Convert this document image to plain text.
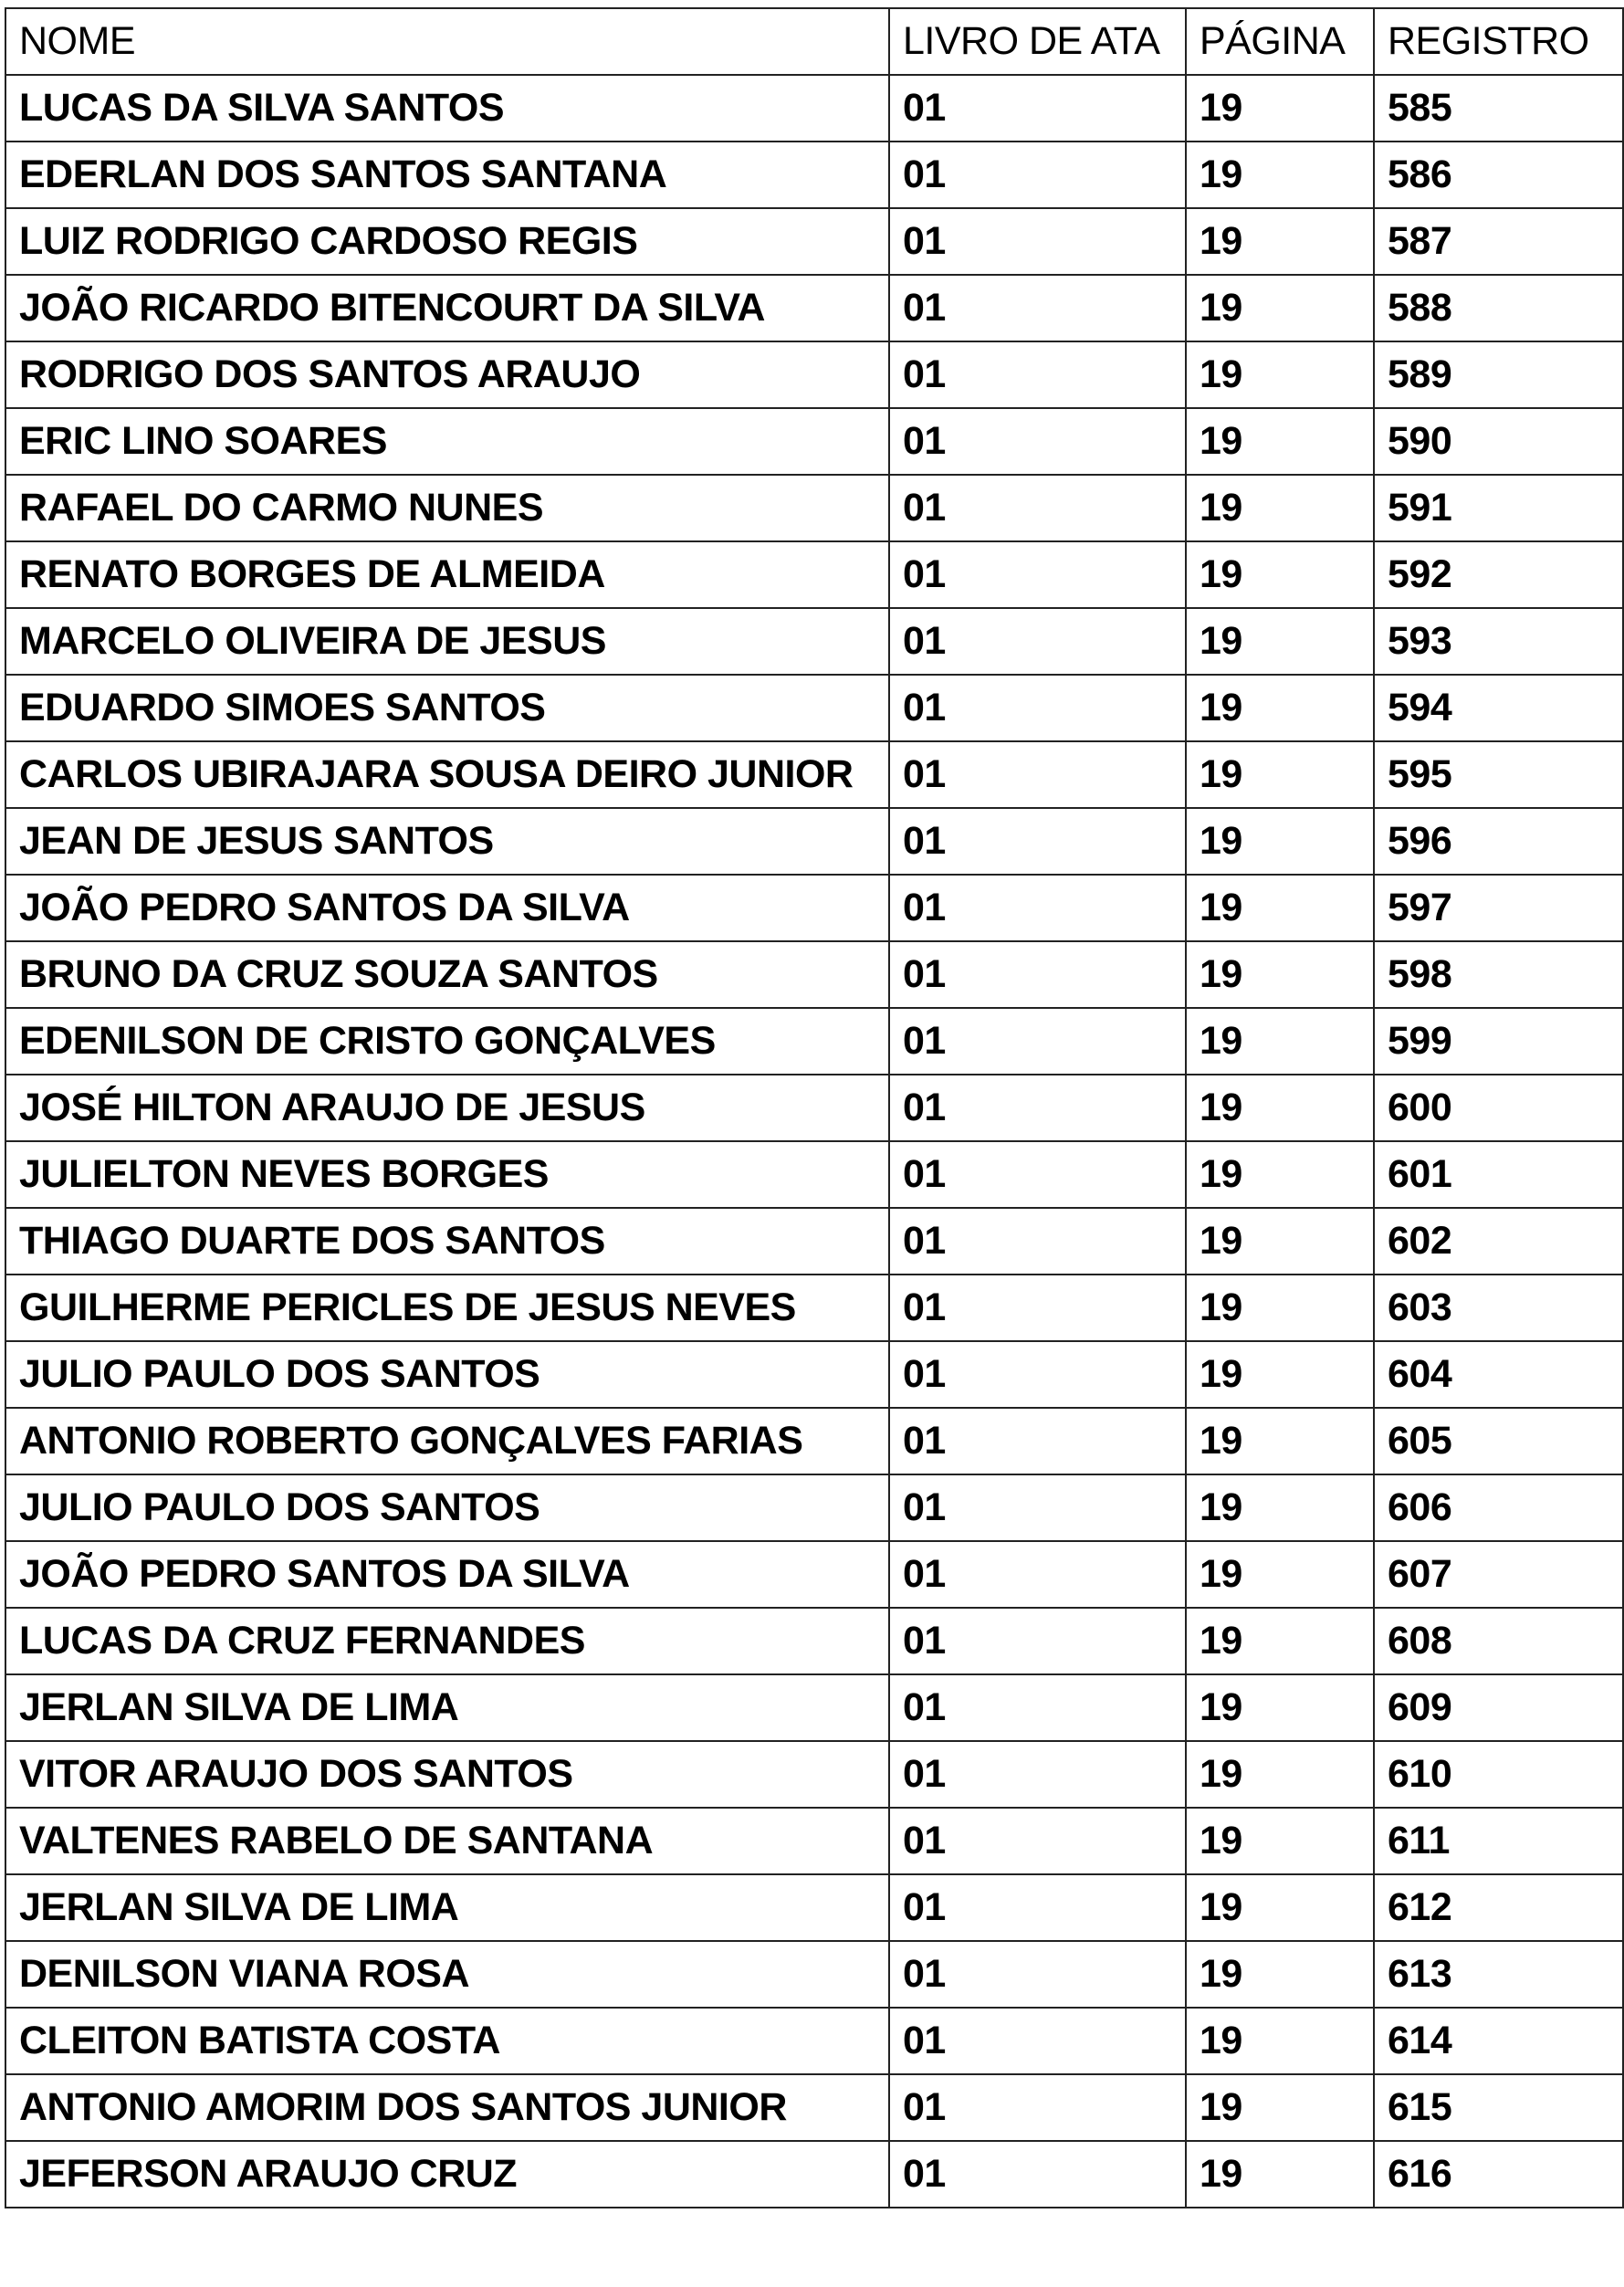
NOME	LIVRO DE ATA	PÁGINA	REGISTRO
LUCAS DA SILVA SANTOS	01	19	585
EDERLAN DOS SANTOS SANTANA	01	19	586
LUIZ RODRIGO CARDOSO REGIS	01	19	587
JOÃO RICARDO BITENCOURT DA SILVA	01	19	588
RODRIGO DOS SANTOS ARAUJO	01	19	589
ERIC LINO SOARES	01	19	590
RAFAEL DO CARMO NUNES	01	19	591
RENATO BORGES DE ALMEIDA	01	19	592
MARCELO OLIVEIRA DE JESUS	01	19	593
EDUARDO SIMOES SANTOS	01	19	594
CARLOS UBIRAJARA SOUSA DEIRO JUNIOR	01	19	595
JEAN DE JESUS SANTOS	01	19	596
JOÃO PEDRO SANTOS DA SILVA	01	19	597
BRUNO DA CRUZ SOUZA SANTOS	01	19	598
EDENILSON DE CRISTO GONÇALVES	01	19	599
JOSÉ HILTON ARAUJO DE JESUS	01	19	600
JULIELTON NEVES BORGES	01	19	601
THIAGO DUARTE DOS SANTOS	01	19	602
GUILHERME PERICLES DE JESUS NEVES	01	19	603
JULIO PAULO DOS SANTOS	01	19	604
ANTONIO ROBERTO GONÇALVES FARIAS	01	19	605
JULIO PAULO DOS SANTOS	01	19	606
JOÃO PEDRO SANTOS DA SILVA	01	19	607
LUCAS DA CRUZ FERNANDES	01	19	608
JERLAN SILVA DE LIMA	01	19	609
VITOR ARAUJO DOS SANTOS	01	19	610
VALTENES RABELO DE SANTANA	01	19	611
JERLAN SILVA DE LIMA	01	19	612
DENILSON VIANA ROSA	01	19	613
CLEITON BATISTA COSTA	01	19	614
ANTONIO AMORIM DOS SANTOS JUNIOR	01	19	615
JEFERSON ARAUJO CRUZ	01	19	616
